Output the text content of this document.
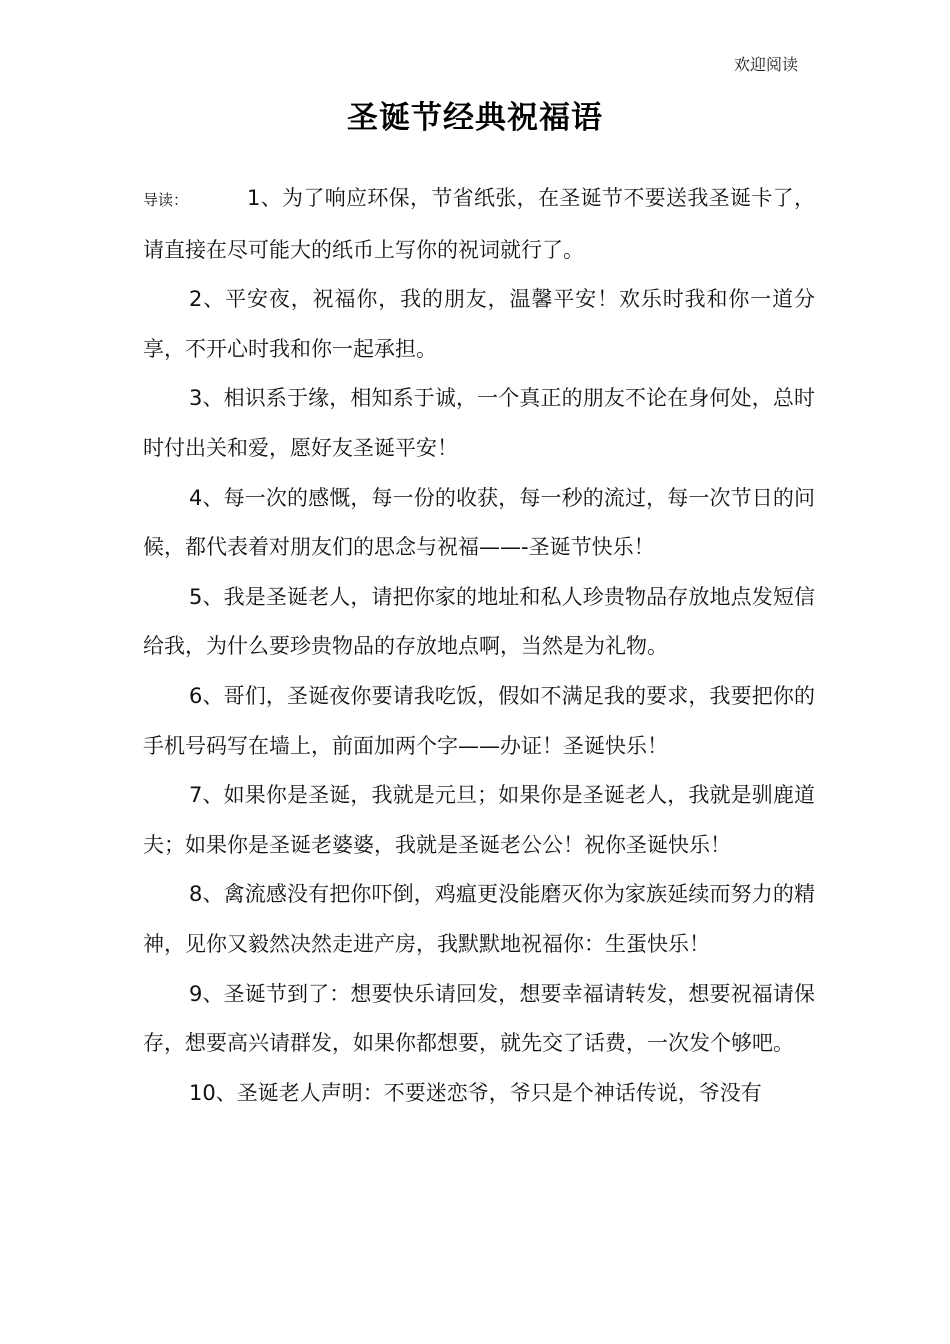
欢迎阅读
圣诞节经典祝福语

导读：	1、为了响应环保，节省纸张，在圣诞节不要送我圣诞卡了，请直接在尽可能大的纸币上写你的祝词就行了。

2、平安夜，祝福你，我的朋友，温馨平安！欢乐时我和你一道分享，不开心时我和你一起承担。

3、相识系于缘，相知系于诚，一个真正的朋友不论在身何处，总时时付出关和爱，愿好友圣诞平安！

4、每一次的感慨，每一份的收获，每一秒的流过，每一次节日的问候，都代表着对朋友们的思念与祝福——-圣诞节快乐！

5、我是圣诞老人，请把你家的地址和私人珍贵物品存放地点发短信给我，为什么要珍贵物品的存放地点啊，当然是为礼物。

6、哥们，圣诞夜你要请我吃饭，假如不满足我的要求，我要把你的手机号码写在墙上，前面加两个字——办证！圣诞快乐！

7、如果你是圣诞，我就是元旦；如果你是圣诞老人，我就是驯鹿道夫；如果你是圣诞老婆婆，我就是圣诞老公公！祝你圣诞快乐！

8、禽流感没有把你吓倒，鸡瘟更没能磨灭你为家族延续而努力的精神，见你又毅然决然走进产房，我默默地祝福你：生蛋快乐！

9、圣诞节到了：想要快乐请回发，想要幸福请转发，想要祝福请保存，想要高兴请群发，如果你都想要，就先交了话费，一次发个够吧。

10、圣诞老人声明：不要迷恋爷，爷只是个神话传说，爷没有
